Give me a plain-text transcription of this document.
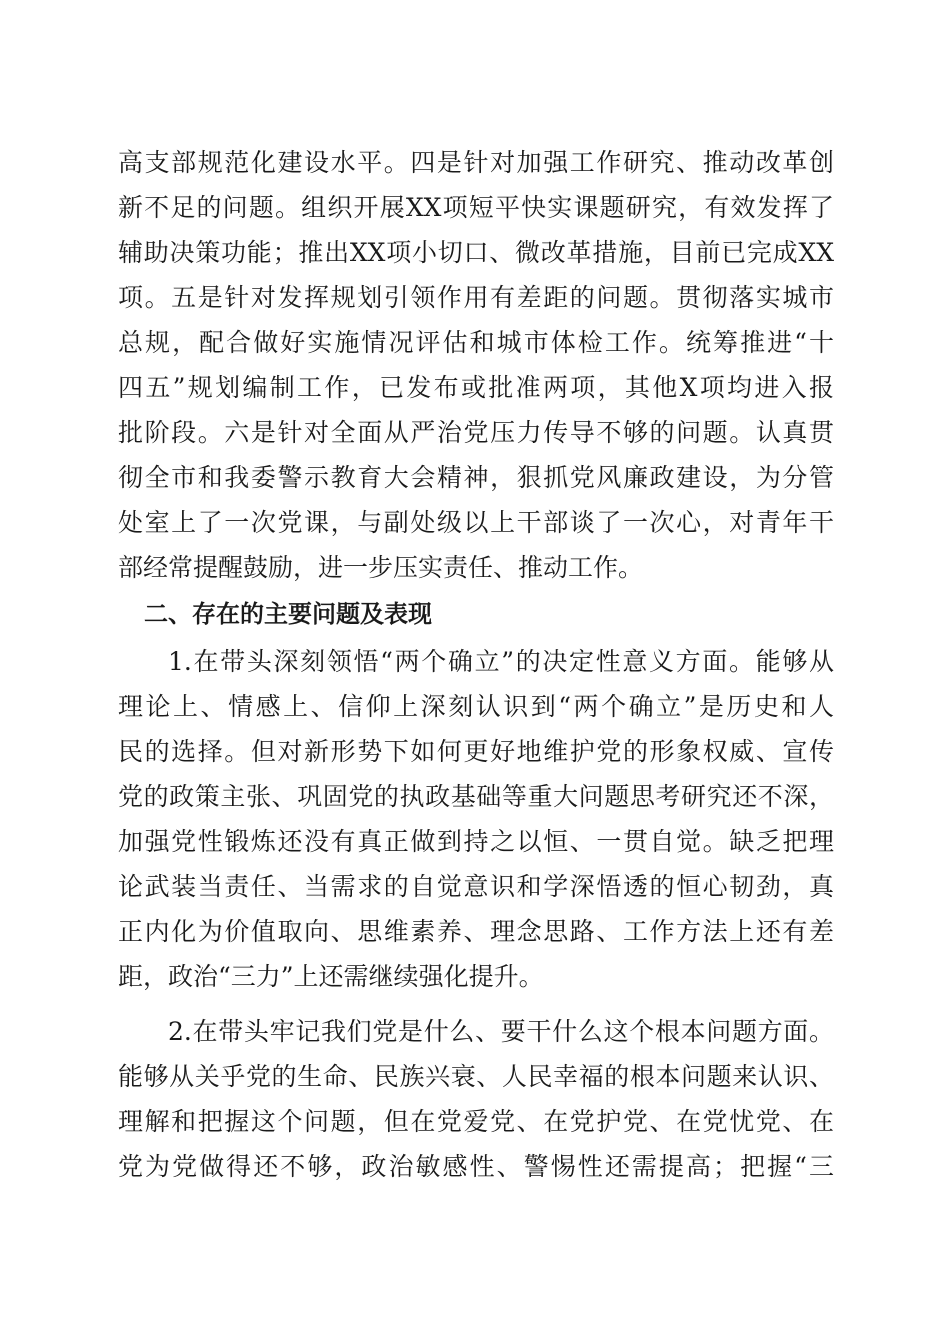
高支部规范化建设水平。四是针对加强工作研究、推动改革创
新不足的问题。组织开展XX项短平快实课题研究，有效发挥了
辅助决策功能；推出XX项小切口、微改革措施，目前已完成XX
项。五是针对发挥规划引领作用有差距的问题。贯彻落实城市
总规，配合做好实施情况评估和城市体检工作。统筹推进“十
四五”规划编制工作，已发布或批准两项，其他X项均进入报
批阶段。六是针对全面从严治党压力传导不够的问题。认真贯
彻全市和我委警示教育大会精神，狠抓党风廉政建设，为分管
处室上了一次党课，与副处级以上干部谈了一次心，对青年干
部经常提醒鼓励，进一步压实责任、推动工作。
二、存在的主要问题及表现
1.在带头深刻领悟“两个确立”的决定性意义方面。能够从
理论上、情感上、信仰上深刻认识到“两个确立”是历史和人
民的选择。但对新形势下如何更好地维护党的形象权威、宣传
党的政策主张、巩固党的执政基础等重大问题思考研究还不深，
加强党性锻炼还没有真正做到持之以恒、一贯自觉。缺乏把理
论武装当责任、当需求的自觉意识和学深悟透的恒心韧劲，真
正内化为价值取向、思维素养、理念思路、工作方法上还有差
距，政治“三力”上还需继续强化提升。
2.在带头牢记我们党是什么、要干什么这个根本问题方面。
能够从关乎党的生命、民族兴衰、人民幸福的根本问题来认识、
理解和把握这个问题，但在党爱党、在党护党、在党忧党、在
党为党做得还不够，政治敏感性、警惕性还需提高；把握“三
